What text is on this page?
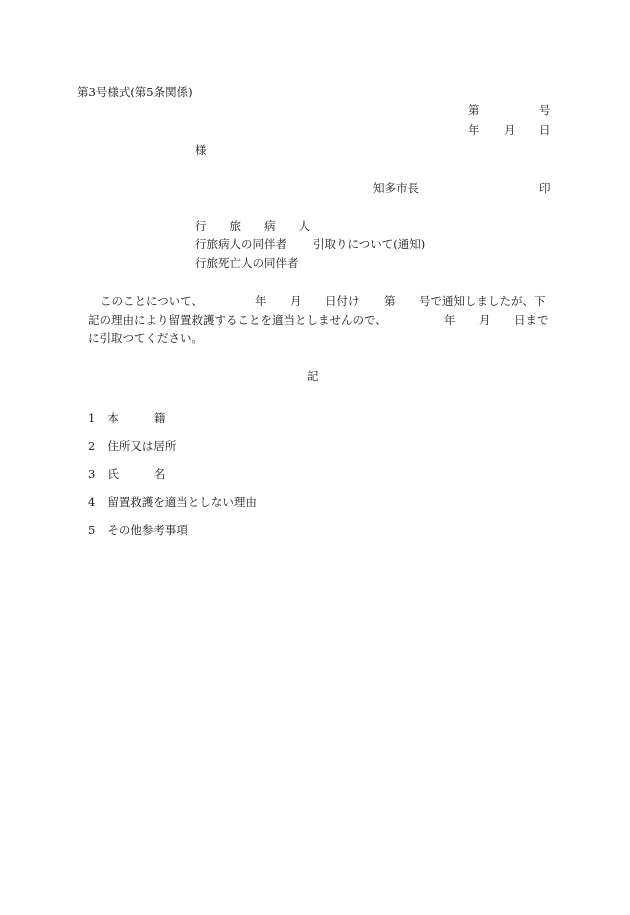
第3号様式(第5条関係)
第	号
年 月 日
様
知多市長	印
行 旅 病 人
行旅病人の同伴者 引取りについて(通知)
行旅死亡人の同伴者
このことについて、	年 月 日付け 第 号で通知しましたが、下
記の理由により留置救護することを適当としませんので、	年 月 日まで
に引取つてください。
記
1 本	籍
2 住所又は居所
3 氏	名
4 留置救護を適当としない理由
5 その他参考事項
